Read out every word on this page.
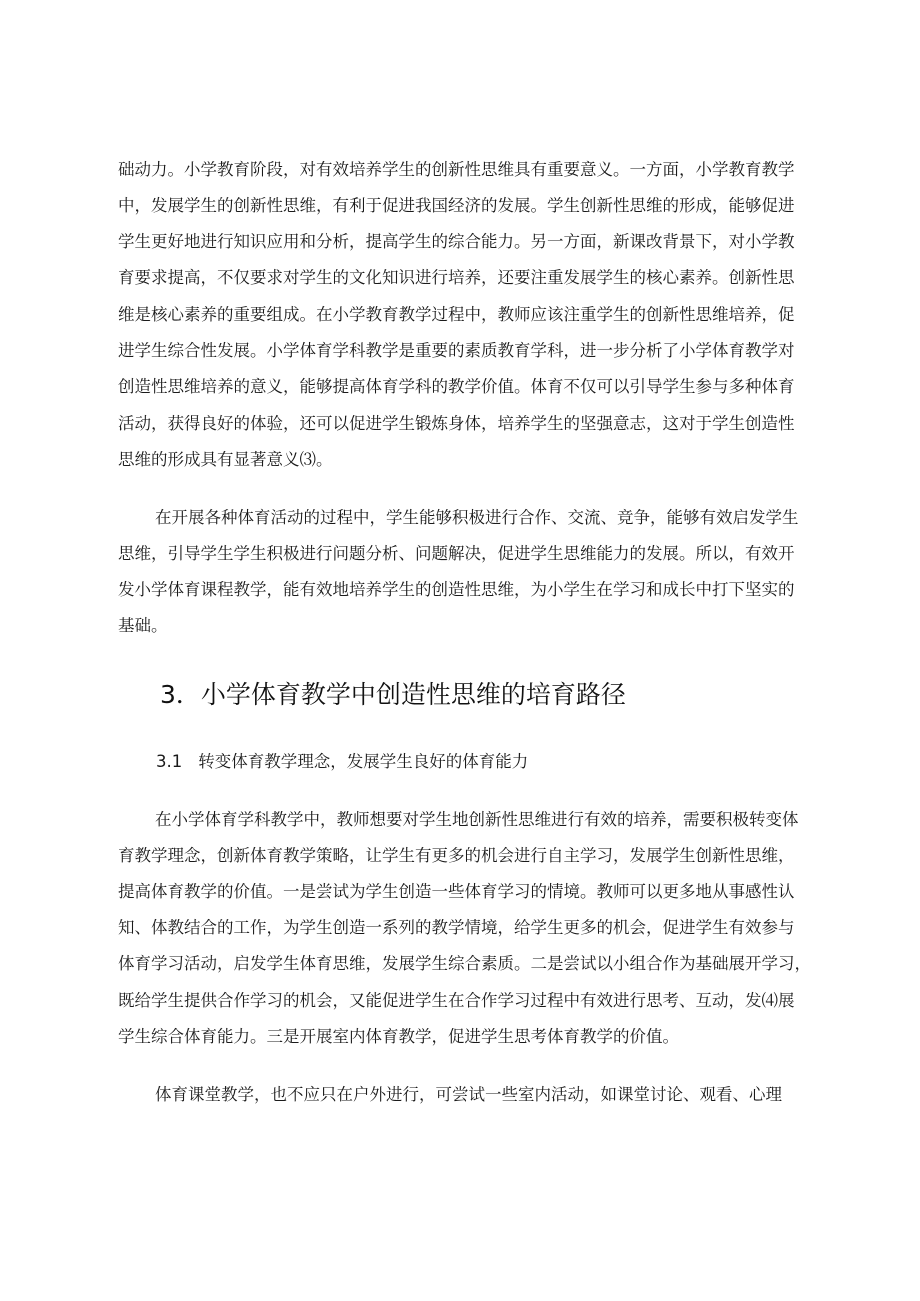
础动力。小学教育阶段，对有效培养学生的创新性思维具有重要意义。一方面，小学教育教学
中，发展学生的创新性思维，有利于促进我国经济的发展。学生创新性思维的形成，能够促进
学生更好地进行知识应用和分析，提高学生的综合能力。另一方面，新课改背景下，对小学教
育要求提高，不仅要求对学生的文化知识进行培养，还要注重发展学生的核心素养。创新性思
维是核心素养的重要组成。在小学教育教学过程中，教师应该注重学生的创新性思维培养，促
进学生综合性发展。小学体育学科教学是重要的素质教育学科，进一步分析了小学体育教学对
创造性思维培养的意义，能够提高体育学科的教学价值。体育不仅可以引导学生参与多种体育
活动，获得良好的体验，还可以促进学生锻炼身体，培养学生的坚强意志，这对于学生创造性
思维的形成具有显著意义⑶。
在开展各种体育活动的过程中，学生能够积极进行合作、交流、竞争，能够有效启发学生
思维，引导学生学生积极进行问题分析、问题解决，促进学生思维能力的发展。所以，有效开
发小学体育课程教学，能有效地培养学生的创造性思维，为小学生在学习和成长中打下坚实的
基础。
3．小学体育教学中创造性思维的培育路径
3.1 转变体育教学理念，发展学生良好的体育能力
在小学体育学科教学中，教师想要对学生地创新性思维进行有效的培养，需要积极转变体
育教学理念，创新体育教学策略，让学生有更多的机会进行自主学习，发展学生创新性思维，
提高体育教学的价值。一是尝试为学生创造一些体育学习的情境。教师可以更多地从事感性认
知、体教结合的工作，为学生创造一系列的教学情境，给学生更多的机会，促进学生有效参与
体育学习活动，启发学生体育思维，发展学生综合素质。二是尝试以小组合作为基础展开学习，
既给学生提供合作学习的机会，又能促进学生在合作学习过程中有效进行思考、互动，发⑷展
学生综合体育能力。三是开展室内体育教学，促进学生思考体育教学的价值。
体育课堂教学，也不应只在户外进行，可尝试一些室内活动，如课堂讨论、观看、心理
